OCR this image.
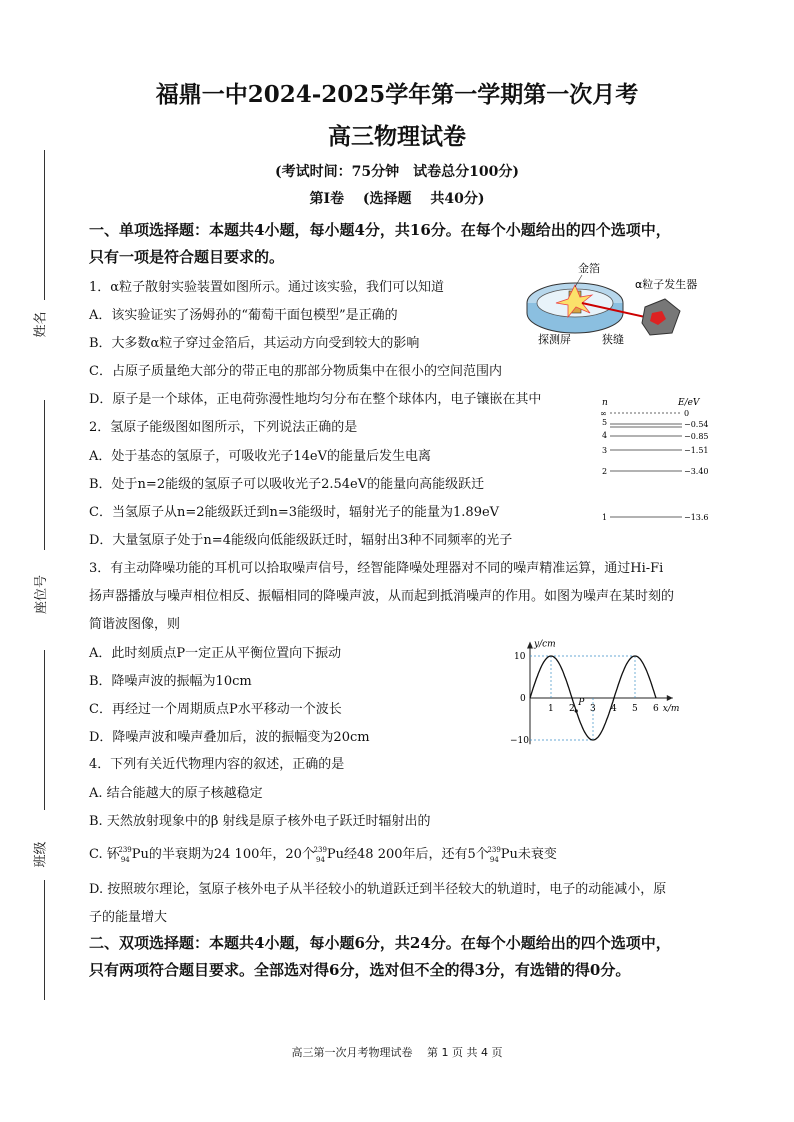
姓名
座位号
班级
福鼎一中2024-2025学年第一学期第一次月考
高三物理试卷
(考试时间：75分钟　试卷总分100分)
第Ⅰ卷　 (选择题　 共40分)
一、单项选择题：本题共4小题，每小题4分，共16分。在每个小题给出的四个选项中，
只有一项是符合题目要求的。
1．α粒子散射实验装置如图所示。通过该实验，我们可以知道
A．该实验证实了汤姆孙的“葡萄干面包模型”是正确的
B．大多数α粒子穿过金箔后，其运动方向受到较大的影响
C．占原子质量绝大部分的带正电的那部分物质集中在很小的空间范围内
D．原子是一个球体，正电荷弥漫性地均匀分布在整个球体内，电子镶嵌在其中
金箔
α粒子发生器
探测屏	狭缝
2．氢原子能级图如图所示，下列说法正确的是
A．处于基态的氢原子，可吸收光子14eV的能量后发生电离
B．处于n=2能级的氢原子可以吸收光子2.54eV的能量向高能级跃迁
C．当氢原子从n=2能级跃迁到n=3能级时，辐射光子的能量为1.89eV
D．大量氢原子处于n=4能级向低能级跃迁时，辐射出3种不同频率的光子
n	E/eV
∞	0
5	−0.54
4	−0.85
3	−1.51
2	−3.40
1	−13.6
3．有主动降噪功能的耳机可以拾取噪声信号，经智能降噪处理器对不同的噪声精准运算，通过Hi-Fi
扬声器播放与噪声相位相反、振幅相同的降噪声波，从而起到抵消噪声的作用。如图为噪声在某时刻的
简谐波图像，则
A．此时刻质点P一定正从平衡位置向下振动
B．降噪声波的振幅为10cm
C．再经过一个周期质点P水平移动一个波长
D．降噪声波和噪声叠加后，波的振幅变为20cm
y/cm
x/m
10
0
−10
1 2 3 4 5 6
P
4．下列有关近代物理内容的叙述，正确的是
A. 结合能越大的原子核越稳定
B. 天然放射现象中的β 射线是原子核外电子跃迁时辐射出的
C. 钚
239
94 Pu的半衰期为24 100年，20个
239
94 Pu经48 200年后，还有5个
239
94 Pu未衰变
D. 按照玻尔理论，氢原子核外电子从半径较小的轨道跃迁到半径较大的轨道时，电子的动能减小，原
子的能量增大
二、双项选择题：本题共4小题，每小题6分，共24分。在每个小题给出的四个选项中，
只有两项符合题目要求。全部选对得6分，选对但不全的得3分，有选错的得0分。
高三第一次月考物理试卷　 第 1 页 共 4 页
